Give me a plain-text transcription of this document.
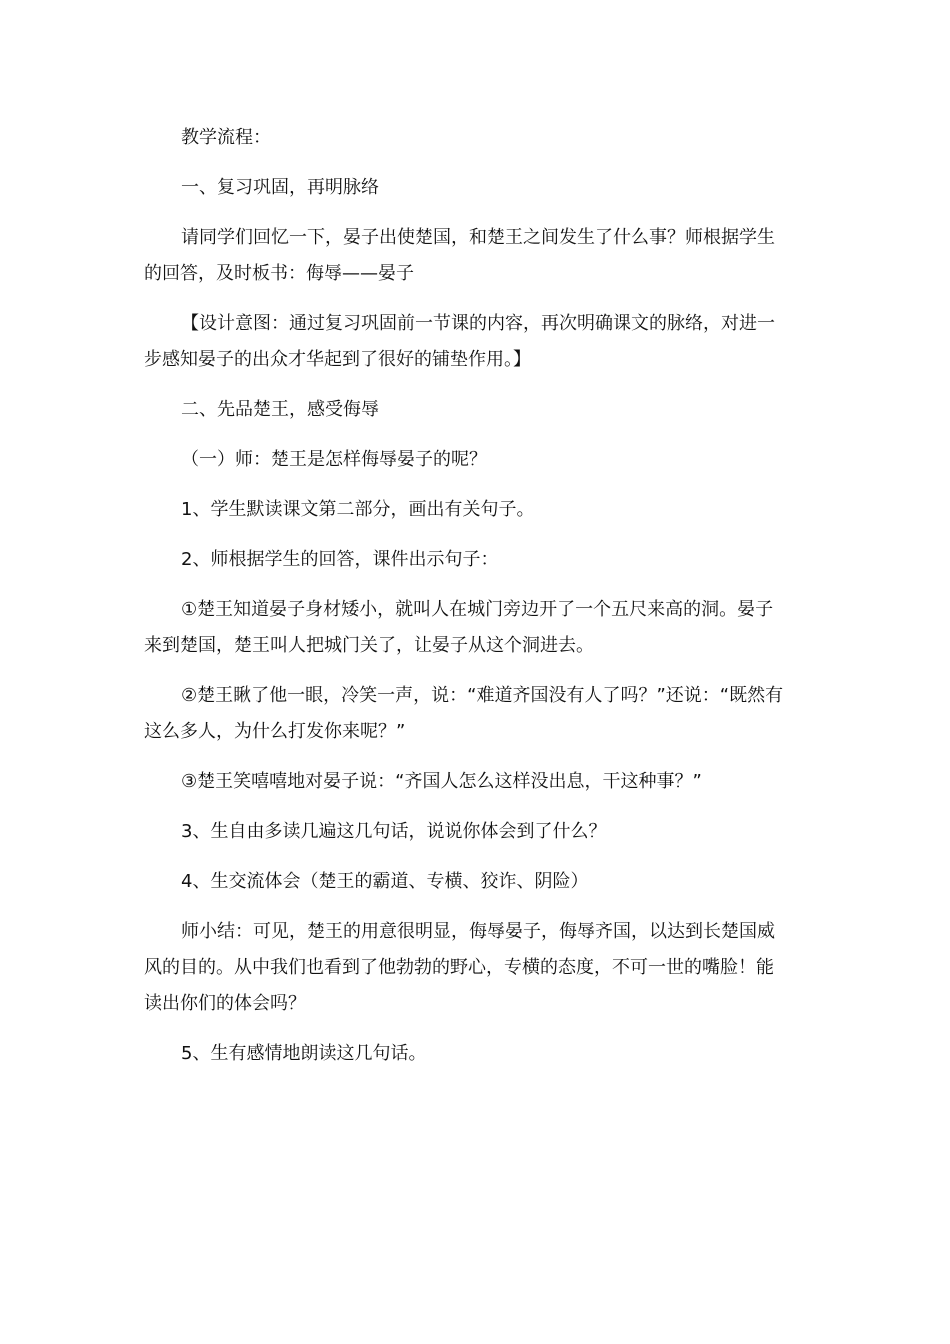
教学流程：

一、复习巩固，再明脉络

请同学们回忆一下，晏子出使楚国，和楚王之间发生了什么事？师根据学生

的回答，及时板书：侮辱——晏子

【设计意图：通过复习巩固前一节课的内容，再次明确课文的脉络，对进一

步感知晏子的出众才华起到了很好的铺垫作用。】

二、先品楚王，感受侮辱

（一）师：楚王是怎样侮辱晏子的呢？

1、学生默读课文第二部分，画出有关句子。

2、师根据学生的回答，课件出示句子：

①楚王知道晏子身材矮小，就叫人在城门旁边开了一个五尺来高的洞。晏子

来到楚国，楚王叫人把城门关了，让晏子从这个洞进去。

②楚王瞅了他一眼，冷笑一声，说：“难道齐国没有人了吗？”还说：“既然有

这么多人，为什么打发你来呢？”

③楚王笑嘻嘻地对晏子说：“齐国人怎么这样没出息，干这种事？”

3、生自由多读几遍这几句话，说说你体会到了什么？

4、生交流体会（楚王的霸道、专横、狡诈、阴险）

师小结：可见，楚王的用意很明显，侮辱晏子，侮辱齐国，以达到长楚国威

风的目的。从中我们也看到了他勃勃的野心，专横的态度，不可一世的嘴脸！能

读出你们的体会吗？

5、生有感情地朗读这几句话。
